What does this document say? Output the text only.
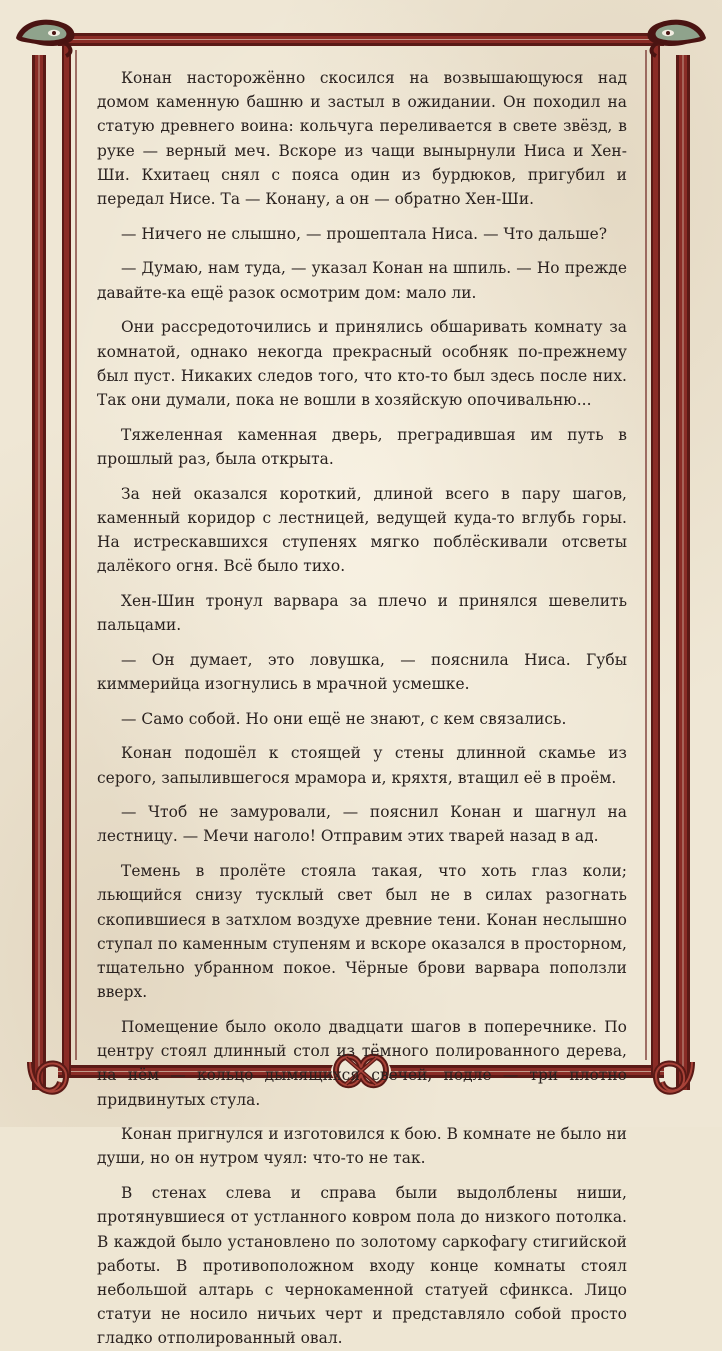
Конан насторожённо скосился на возвышающуюся над домом каменную башню и застыл в ожидании. Он походил на статую древнего воина: кольчуга переливается в свете звёзд, в руке — верный меч. Вскоре из чащи вынырнули Ниса и Хен-Ши. Кхитаец снял с пояса один из бурдюков, пригубил и передал Нисе. Та — Конану, а он — обратно Хен-Ши.

— Ничего не слышно, — прошептала Ниса. — Что дальше?

— Думаю, нам туда, — указал Конан на шпиль. — Но прежде давайте-ка ещё разок осмотрим дом: мало ли.

Они рассредоточились и принялись обшаривать комнату за комнатой, однако некогда прекрасный особняк по-прежнему был пуст. Никаких следов того, что кто-то был здесь после них. Так они думали, пока не вошли в хозяйскую опочивальню...

Тяжеленная каменная дверь, преградившая им путь в прошлый раз, была открыта.

За ней оказался короткий, длиной всего в пару шагов, каменный коридор с лестницей, ведущей куда-то вглубь горы. На истрескавшихся ступенях мягко поблёскивали отсветы далёкого огня. Всё было тихо.

Хен-Шин тронул варвара за плечо и принялся шевелить пальцами.

— Он думает, это ловушка, — пояснила Ниса. Губы киммерийца изогнулись в мрачной усмешке.

— Само собой. Но они ещё не знают, с кем связались.

Конан подошёл к стоящей у стены длинной скамье из серого, запылившегося мрамора и, кряхтя, втащил её в проём.

— Чтоб не замуровали, — пояснил Конан и шагнул на лестницу. — Мечи наголо! Отправим этих тварей назад в ад.

Темень в пролёте стояла такая, что хоть глаз коли; льющийся снизу тусклый свет был не в силах разогнать скопившиеся в затхлом воздухе древние тени. Конан неслышно ступал по каменным ступеням и вскоре оказался в просторном, тщательно убранном покое. Чёрные брови варвара поползли вверх.

Помещение было около двадцати шагов в поперечнике. По центру стоял длинный стол из тёмного полированного дерева, на нём — кольцо дымящихся свечей, подле — три плотно придвинутых стула.

Конан пригнулся и изготовился к бою. В комнате не было ни души, но он нутром чуял: что-то не так.

В стенах слева и справа были выдолблены ниши, протянувшиеся от устланного ковром пола до низкого потолка. В каждой было установлено по золотому саркофагу стигийской работы. В противоположном входу конце комнаты стоял небольшой алтарь с чернокаменной статуей сфинкса. Лицо статуи не носило ничьих черт и представляло собой просто гладко отполированный овал.
